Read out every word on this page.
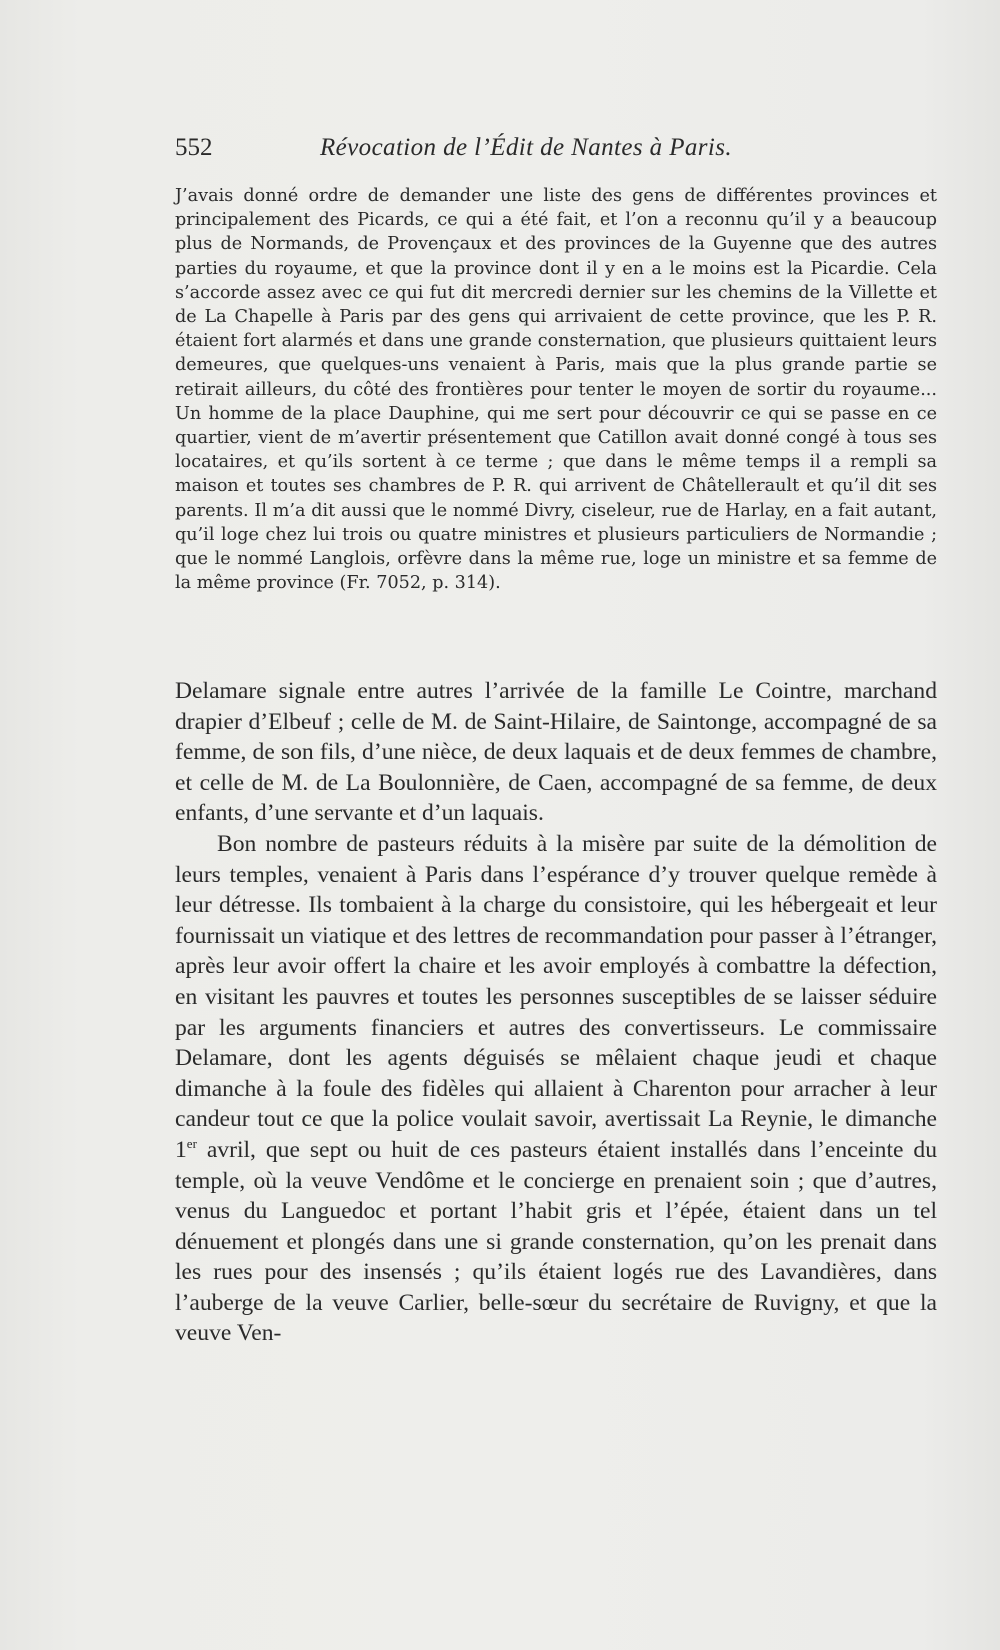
552	Révocation de l’Édit de Nantes à Paris.

J’avais donné ordre de demander une liste des gens de différentes provinces et principalement des Picards, ce qui a été fait, et l’on a reconnu qu’il y a beaucoup plus de Normands, de Provençaux et des provinces de la Guyenne que des autres parties du royaume, et que la province dont il y en a le moins est la Picardie. Cela s’accorde assez avec ce qui fut dit mercredi dernier sur les chemins de la Villette et de La Chapelle à Paris par des gens qui arrivaient de cette province, que les P. R. étaient fort alarmés et dans une grande consternation, que plusieurs quittaient leurs demeures, que quelques-uns venaient à Paris, mais que la plus grande partie se retirait ailleurs, du côté des frontières pour tenter le moyen de sortir du royaume... Un homme de la place Dauphine, qui me sert pour découvrir ce qui se passe en ce quartier, vient de m’avertir présentement que Catillon avait donné congé à tous ses locataires, et qu’ils sortent à ce terme ; que dans le même temps il a rempli sa maison et toutes ses chambres de P. R. qui arrivent de Châtellerault et qu’il dit ses parents. Il m’a dit aussi que le nommé Divry, ciseleur, rue de Harlay, en a fait autant, qu’il loge chez lui trois ou quatre ministres et plusieurs particuliers de Normandie ; que le nommé Langlois, orfèvre dans la même rue, loge un ministre et sa femme de la même province (Fr. 7052, p. 314).

Delamare signale entre autres l’arrivée de la famille Le Cointre, marchand drapier d’Elbeuf ; celle de M. de Saint-Hilaire, de Saintonge, accompagné de sa femme, de son fils, d’une nièce, de deux laquais et de deux femmes de chambre, et celle de M. de La Boulonnière, de Caen, accompagné de sa femme, de deux enfants, d’une servante et d’un laquais.

Bon nombre de pasteurs réduits à la misère par suite de la démolition de leurs temples, venaient à Paris dans l’espérance d’y trouver quelque remède à leur détresse. Ils tombaient à la charge du consistoire, qui les hébergeait et leur fournissait un viatique et des lettres de recommandation pour passer à l’étranger, après leur avoir offert la chaire et les avoir employés à combattre la défection, en visitant les pauvres et toutes les personnes susceptibles de se laisser séduire par les arguments financiers et autres des convertisseurs. Le commissaire Delamare, dont les agents déguisés se mêlaient chaque jeudi et chaque dimanche à la foule des fidèles qui allaient à Charenton pour arracher à leur candeur tout ce que la police voulait savoir, avertissait La Reynie, le dimanche 1er avril, que sept ou huit de ces pasteurs étaient installés dans l’enceinte du temple, où la veuve Vendôme et le concierge en prenaient soin ; que d’autres, venus du Languedoc et portant l’habit gris et l’épée, étaient dans un tel dénuement et plongés dans une si grande consternation, qu’on les prenait dans les rues pour des insensés ; qu’ils étaient logés rue des Lavandières, dans l’auberge de la veuve Carlier, belle-sœur du secrétaire de Ruvigny, et que la veuve Ven-
